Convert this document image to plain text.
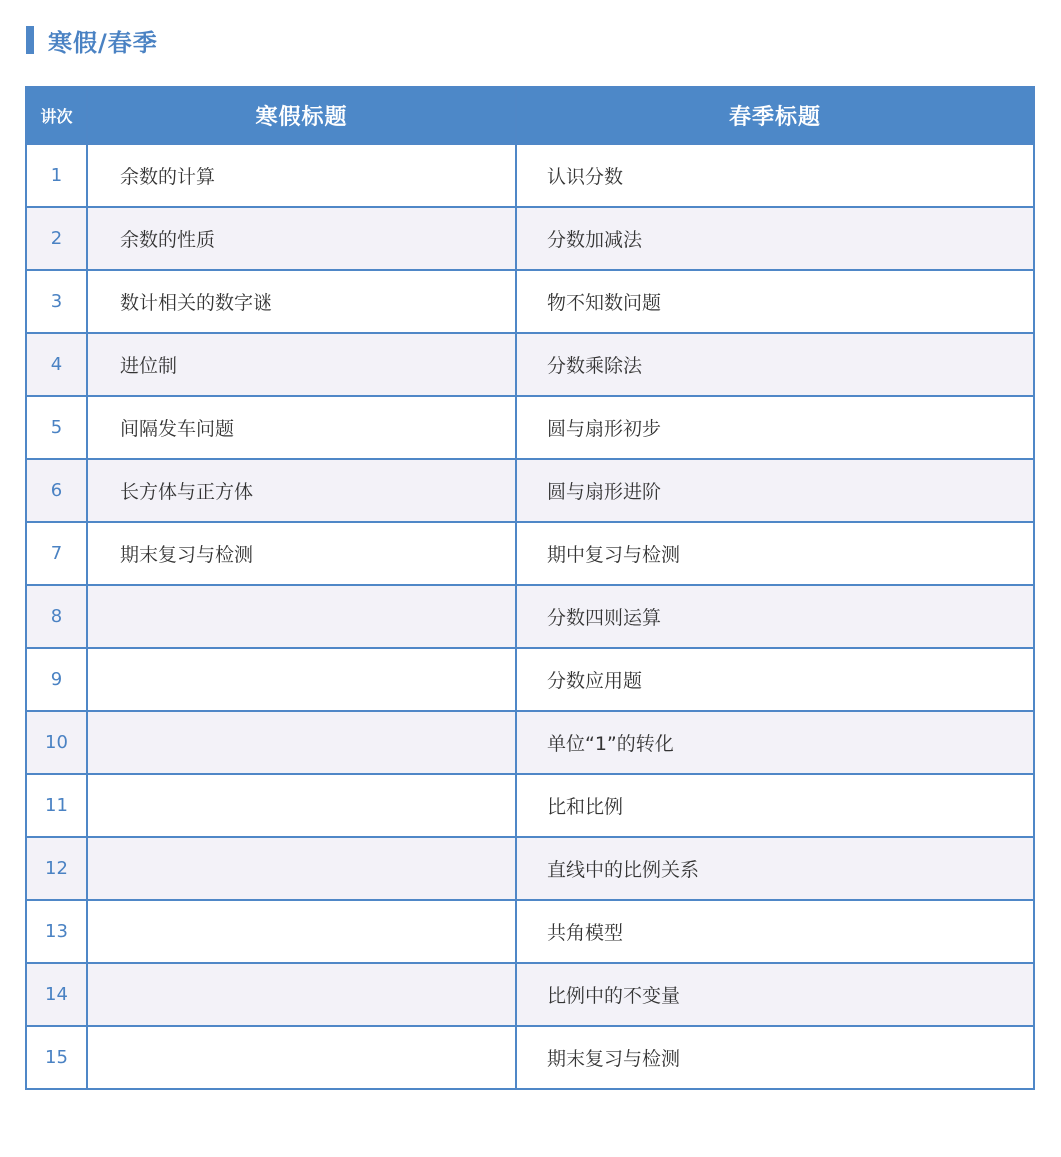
寒假/春季
讲次	寒假标题	春季标题
1	余数的计算	认识分数
2	余数的性质	分数加减法
3	数计相关的数字谜	物不知数问题
4	进位制	分数乘除法
5	间隔发车问题	圆与扇形初步
6	长方体与正方体	圆与扇形进阶
7	期末复习与检测	期中复习与检测
8		分数四则运算
9		分数应用题
10		单位“1”的转化
11		比和比例
12		直线中的比例关系
13		共角模型
14		比例中的不变量
15		期末复习与检测
